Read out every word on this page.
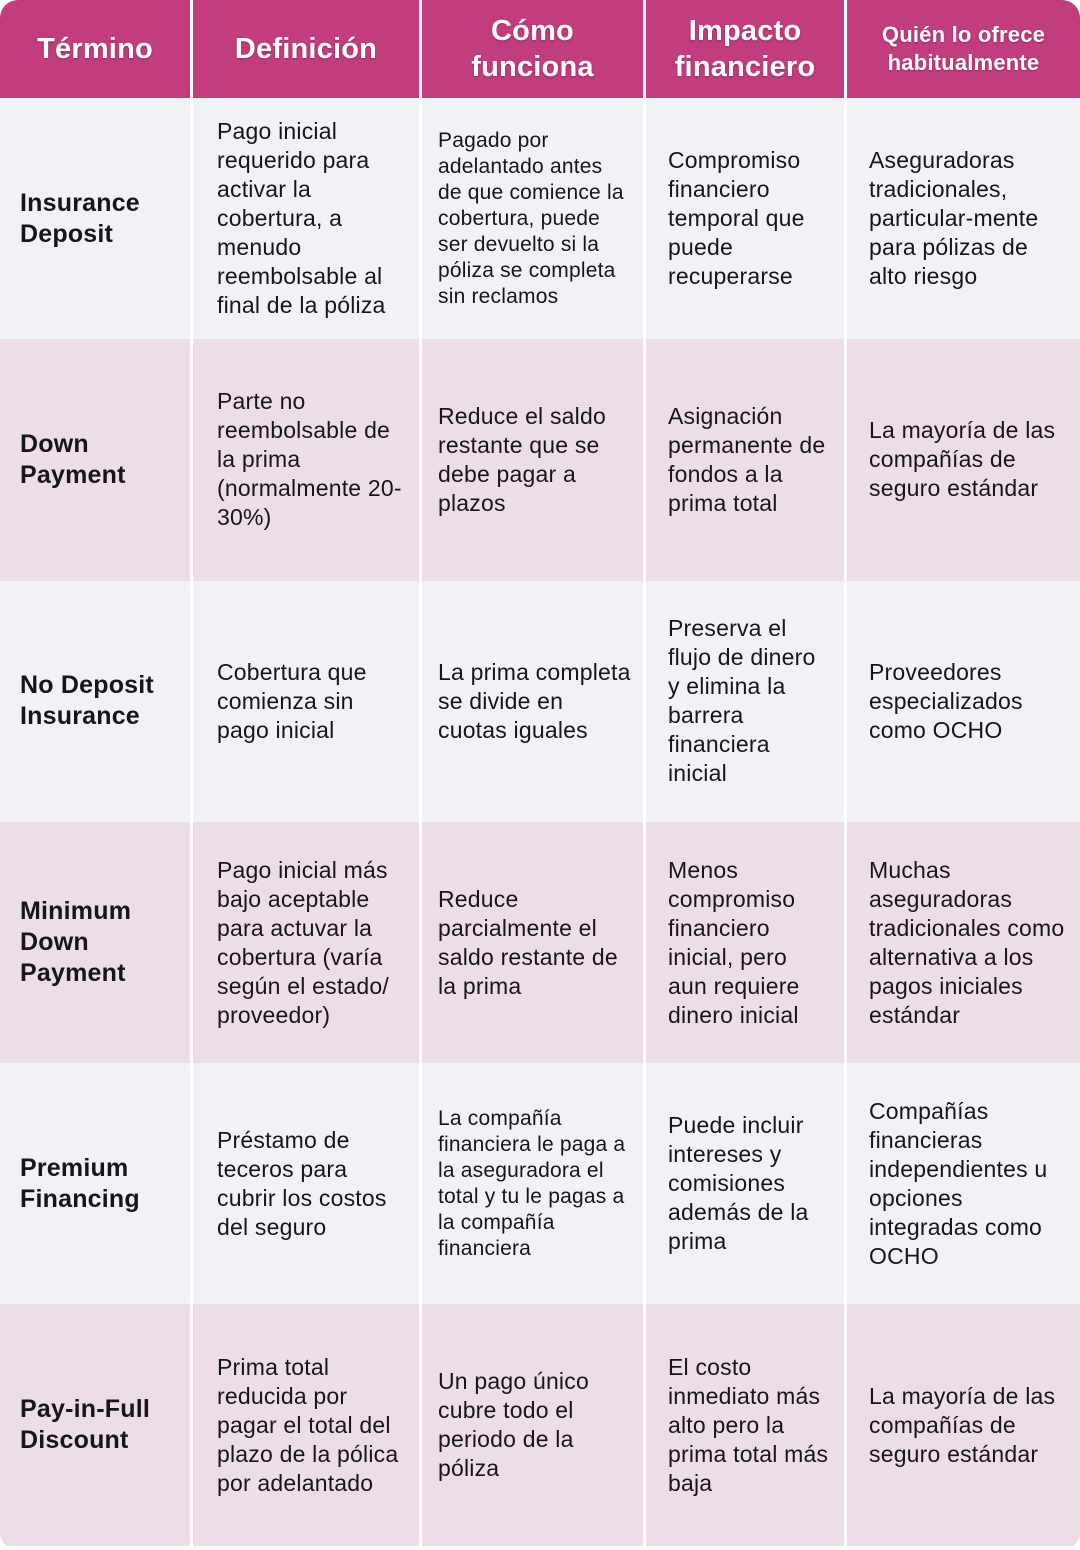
Término	Definición
Cómo funciona
Impacto financiero
Quién lo ofrece habitualmente
Insurance Deposit
Pago inicial requerido para activar la cobertura, a menudo reembolsable al final de la póliza
Pagado por adelantado antes de que comience la cobertura, puede ser devuelto si la póliza se completa sin reclamos
Compromiso financiero temporal que puede recuperarse
Aseguradoras tradicionales, particular-mente para pólizas de alto riesgo
Down Payment
Parte no reembolsable de la prima (normalmente 20-30%)
Reduce el saldo restante que se debe pagar a plazos
Asignación permanente de fondos a la prima total
La mayoría de las compañías de seguro estándar
No Deposit Insurance
Cobertura que comienza sin pago inicial
La prima completa se divide en cuotas iguales
Preserva el flujo de dinero y elimina la barrera financiera inicial
Proveedores especializados como OCHO
Minimum Down Payment
Pago inicial más bajo aceptable para actuvar la cobertura (varía según el estado/ proveedor)
Reduce parcialmente el saldo restante de la prima
Menos compromiso financiero inicial, pero aun requiere dinero inicial
Muchas aseguradoras tradicionales como alternativa a los pagos iniciales estándar
Premium Financing
Préstamo de teceros para cubrir los costos del seguro
La compañía financiera le paga a la aseguradora el total y tu le pagas a la compañía financiera
Puede incluir intereses y comisiones además de la prima
Compañías financieras independientes u opciones integradas como OCHO
Pay-in-Full Discount
Prima total reducida por pagar el total del plazo de la pólica por adelantado
Un pago único cubre todo el periodo de la póliza
El costo inmediato más alto pero la prima total más baja
La mayoría de las compañías de seguro estándar
